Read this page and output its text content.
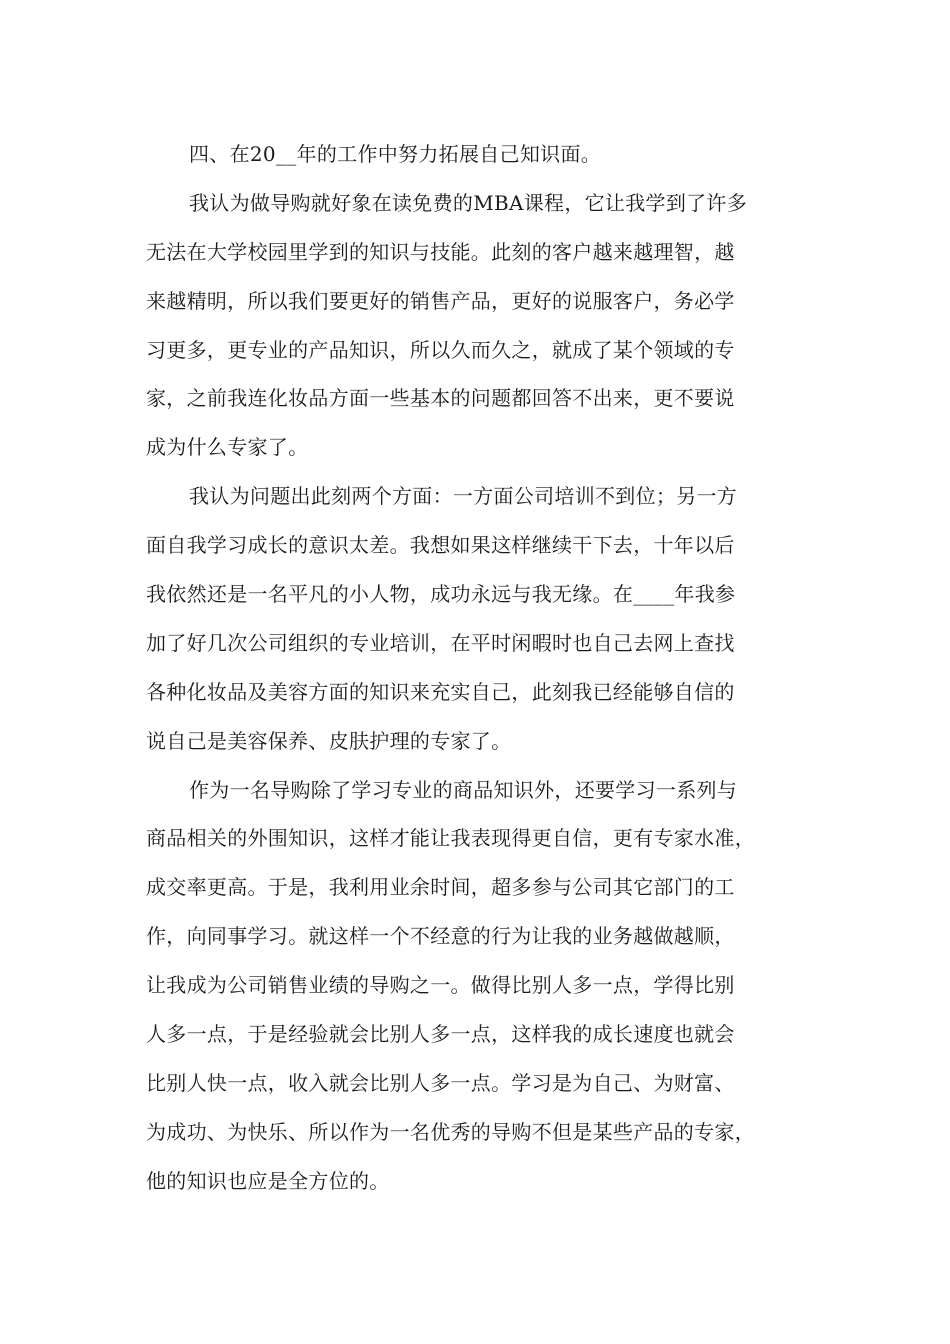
四、在20__年的工作中努力拓展自己知识面。
我认为做导购就好象在读免费的MBA课程，它让我学到了许多
无法在大学校园里学到的知识与技能。此刻的客户越来越理智，越
来越精明，所以我们要更好的销售产品，更好的说服客户，务必学
习更多，更专业的产品知识，所以久而久之，就成了某个领域的专
家，之前我连化妆品方面一些基本的问题都回答不出来，更不要说
成为什么专家了。
我认为问题出此刻两个方面：一方面公司培训不到位；另一方
面自我学习成长的意识太差。我想如果这样继续干下去，十年以后
我依然还是一名平凡的小人物，成功永远与我无缘。在____年我参
加了好几次公司组织的专业培训，在平时闲暇时也自己去网上查找
各种化妆品及美容方面的知识来充实自己，此刻我已经能够自信的
说自己是美容保养、皮肤护理的专家了。
作为一名导购除了学习专业的商品知识外，还要学习一系列与
商品相关的外围知识，这样才能让我表现得更自信，更有专家水准，
成交率更高。于是，我利用业余时间，超多参与公司其它部门的工
作，向同事学习。就这样一个不经意的行为让我的业务越做越顺，
让我成为公司销售业绩的导购之一。做得比别人多一点，学得比别
人多一点，于是经验就会比别人多一点，这样我的成长速度也就会
比别人快一点，收入就会比别人多一点。学习是为自己、为财富、
为成功、为快乐、所以作为一名优秀的导购不但是某些产品的专家，
他的知识也应是全方位的。
